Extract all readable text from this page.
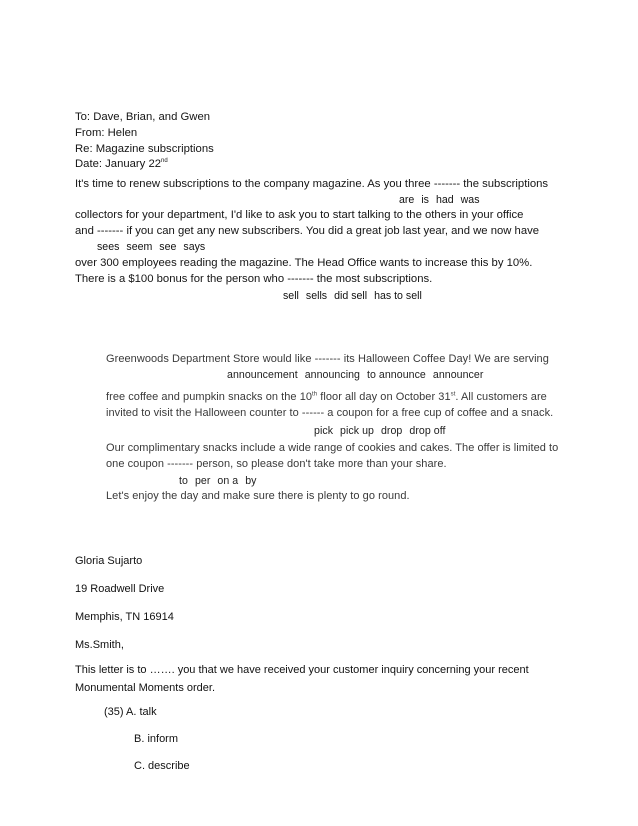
To: Dave, Brian, and Gwen
From: Helen
Re: Magazine subscriptions
Date: January 22nd
It's time to renew subscriptions to the company magazine. As you three ------- the subscriptions
are is had was
collectors for your department, I'd like to ask you to start talking to the others in your office
and ------- if you can get any new subscribers. You did a great job last year, and we now have
sees seem see says
over 300 employees reading the magazine. The Head Office wants to increase this by 10%.
There is a $100 bonus for the person who ------- the most subscriptions.
sell sells did sell has to sell
Greenwoods Department Store would like ------- its Halloween Coffee Day! We are serving
announcement announcing to announce announcer
free coffee and pumpkin snacks on the 10th floor all day on October 31st. All customers are
invited to visit the Halloween counter to ------ a coupon for a free cup of coffee and a snack.
pick pick up drop drop off
Our complimentary snacks include a wide range of cookies and cakes. The offer is limited to
one coupon ------- person, so please don't take more than your share.
to per on a by
Let's enjoy the day and make sure there is plenty to go round.
Gloria Sujarto
19 Roadwell Drive
Memphis, TN 16914
Ms.Smith,
This letter is to ……. you that we have received your customer inquiry concerning your recent Monumental Moments order.
(35) A. talk
B. inform
C. describe
